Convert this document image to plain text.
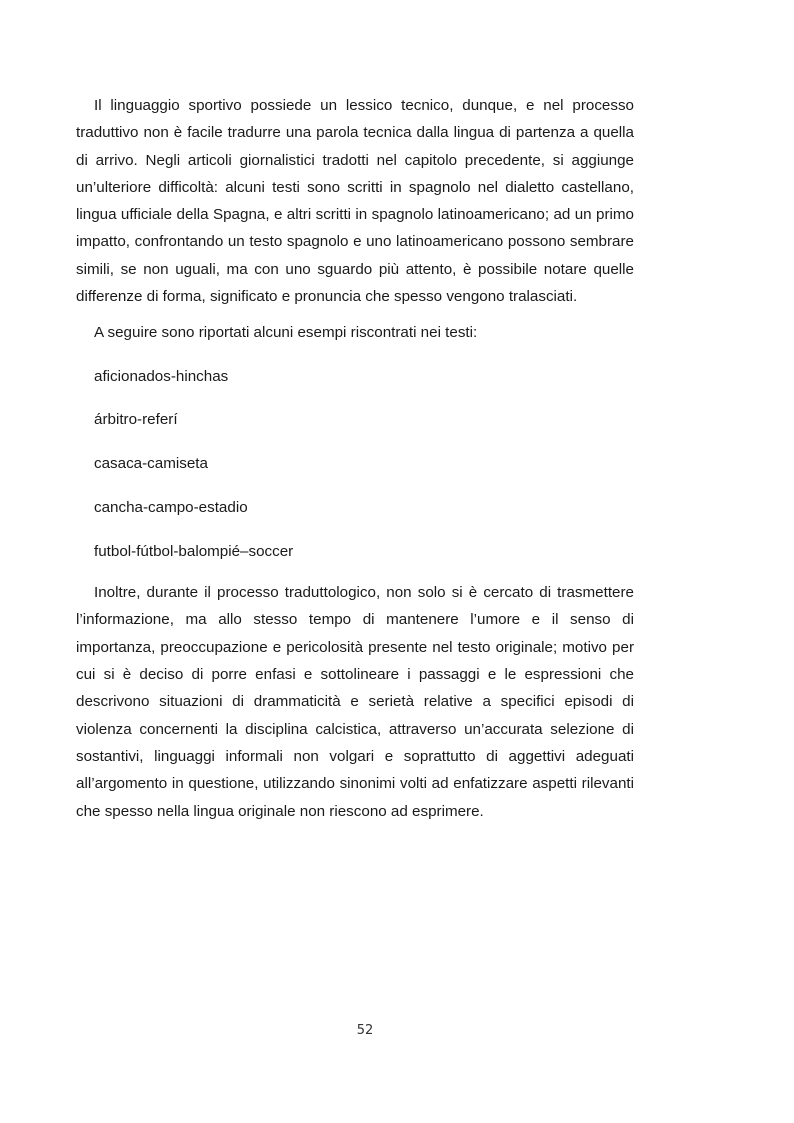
Il linguaggio sportivo possiede un lessico tecnico, dunque, e nel processo traduttivo non è facile tradurre una parola tecnica dalla lingua di partenza a quella di arrivo. Negli articoli giornalistici tradotti nel capitolo precedente, si aggiunge un’ulteriore difficoltà: alcuni testi sono scritti in spagnolo nel dialetto castellano, lingua ufficiale della Spagna, e altri scritti in spagnolo latinoamericano; ad un primo impatto, confrontando un testo spagnolo e uno latinoamericano possono sembrare simili, se non uguali, ma con uno sguardo più attento, è possibile notare quelle differenze di forma, significato e pronuncia che spesso vengono tralasciati.

A seguire sono riportati alcuni esempi riscontrati nei testi:

aficionados-hinchas

árbitro-referí

casaca-camiseta

cancha-campo-estadio

futbol-fútbol-balompié–soccer

Inoltre, durante il processo traduttologico, non solo si è cercato di trasmettere l’informazione, ma allo stesso tempo di mantenere l’umore e il senso di importanza, preoccupazione e pericolosità presente nel testo originale; motivo per cui si è deciso di porre enfasi e sottolineare i passaggi e le espressioni che descrivono situazioni di drammaticità e serietà relative a specifici episodi di violenza concernenti la disciplina calcistica, attraverso un’accurata selezione di sostantivi, linguaggi informali non volgari e soprattutto di aggettivi adeguati all’argomento in questione, utilizzando sinonimi volti ad enfatizzare aspetti rilevanti che spesso nella lingua originale non riescono ad esprimere.

52
